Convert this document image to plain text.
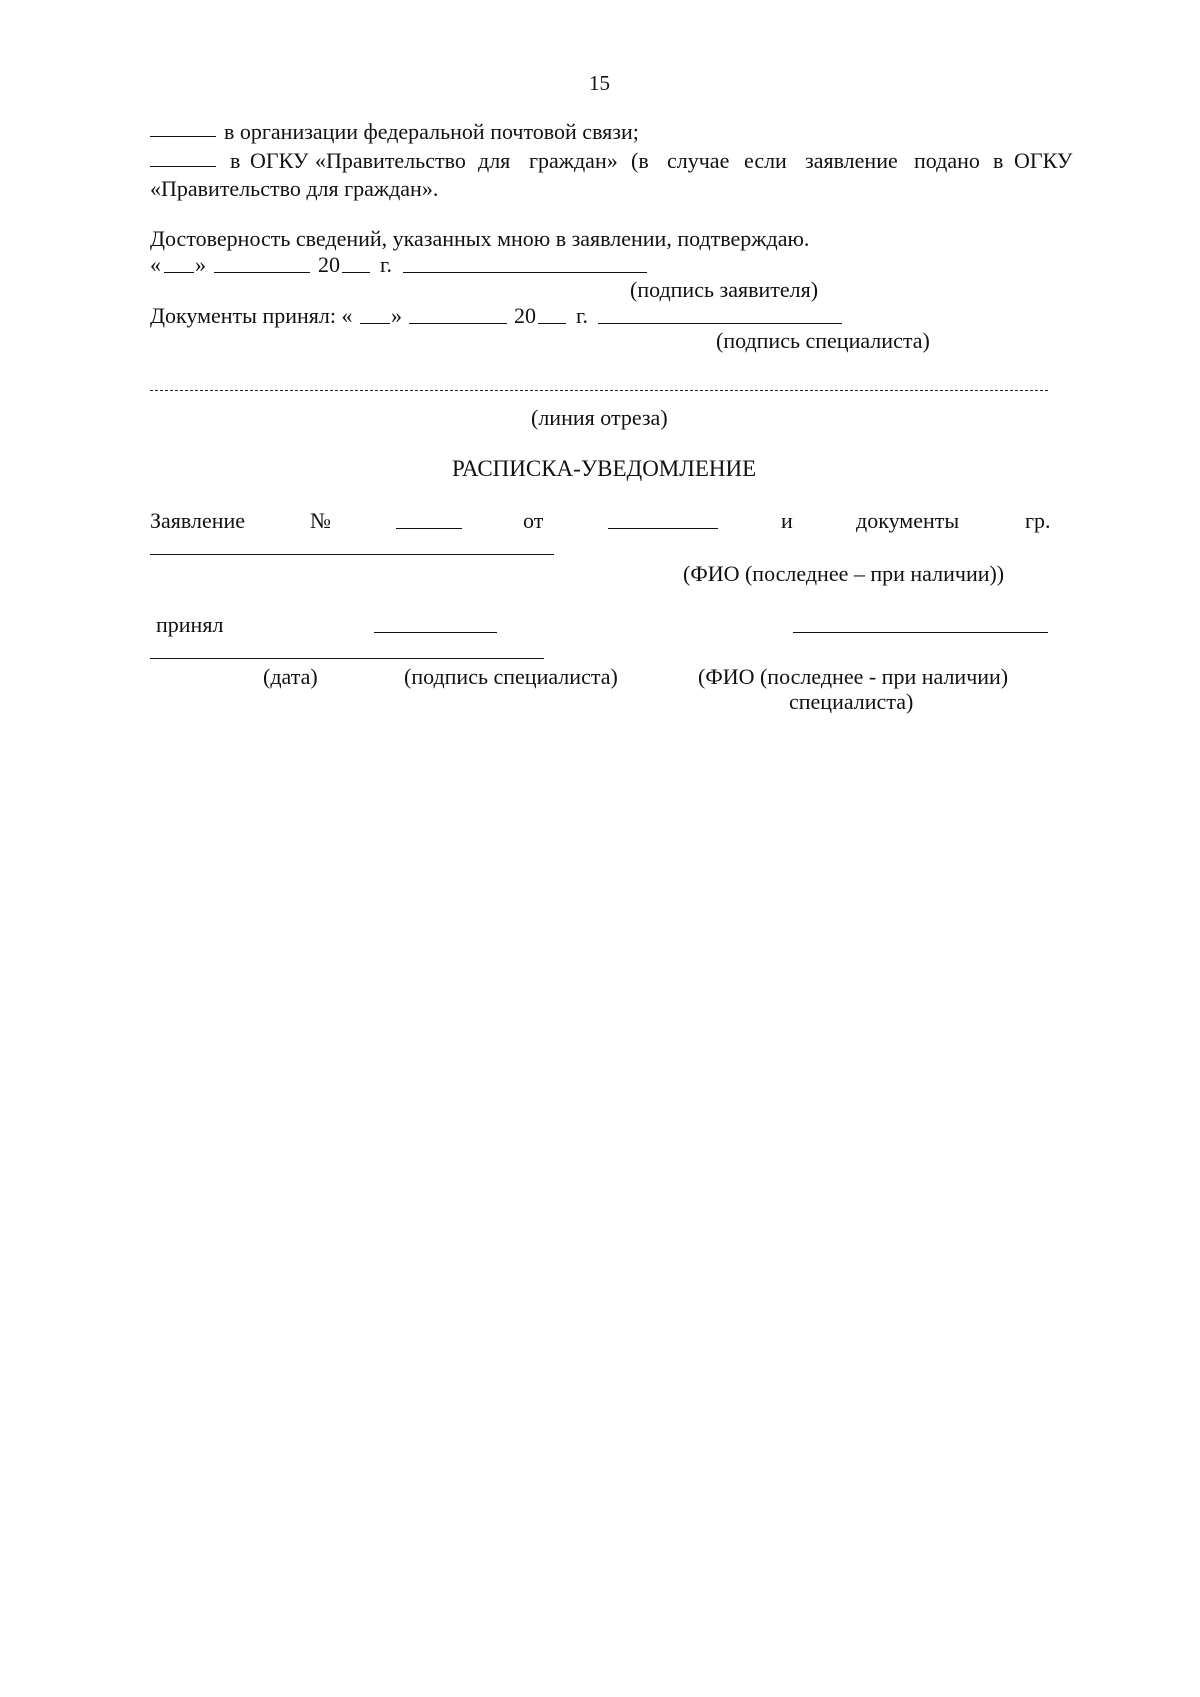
15
в организации федеральной почтовой связи;
в ОГКУ «Правительство для граждан» (в случае если заявление подано в ОГКУ
«Правительство для граждан».
Достоверность сведений, указанных мною в заявлении, подтверждаю.
« »	20 г.
(подпись заявителя)
Документы принял: « »	20 г.
(подпись специалиста)
(линия отреза)
РАСПИСКА-УВЕДОМЛЕНИЕ
Заявление	№	от	и	документы	гр.
(ФИО (последнее – при наличии))
принял
(дата)	(подпись специалиста)	(ФИО (последнее - при наличии)
специалиста)
